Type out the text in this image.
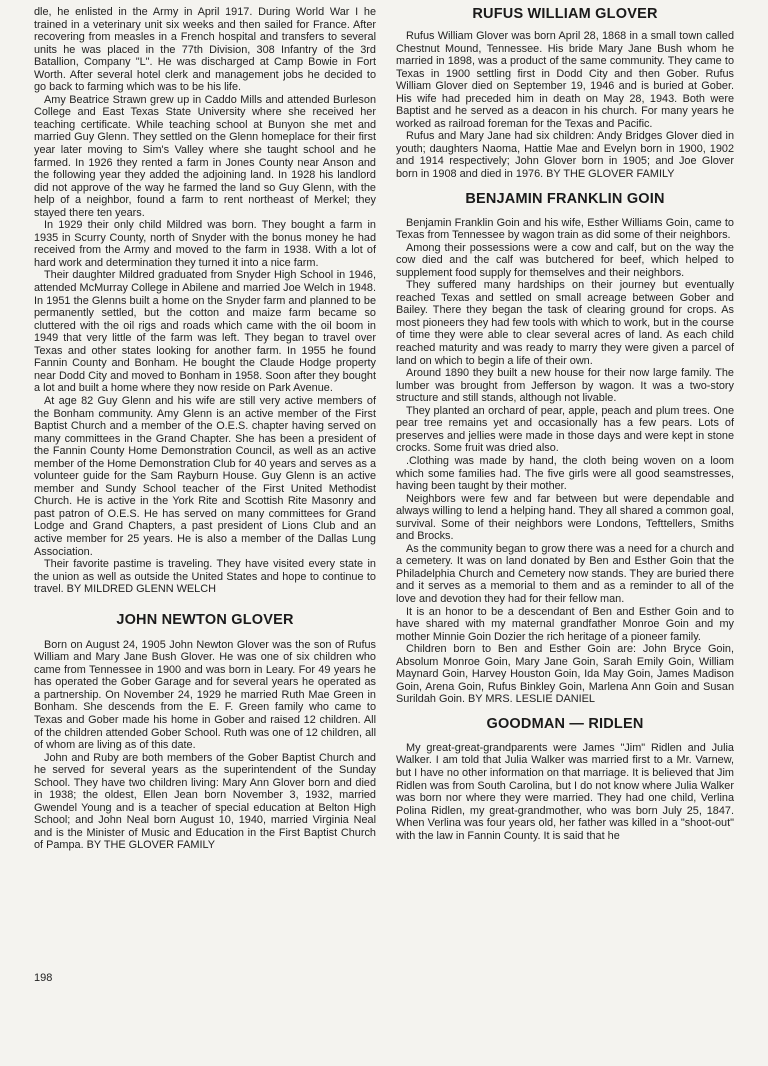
dle, he enlisted in the Army in April 1917. During World War I he trained in a veterinary unit six weeks and then sailed for France. After recovering from measles in a French hospital and transfers to several units he was placed in the 77th Division, 308 Infantry of the 3rd Batallion, Company "L". He was discharged at Camp Bowie in Fort Worth. After several hotel clerk and management jobs he decided to go back to farming which was to be his life.

Amy Beatrice Strawn grew up in Caddo Mills and attended Burleson College and East Texas State University where she received her teaching certificate. While teaching school at Bunyon she met and married Guy Glenn. They settled on the Glenn homeplace for their first year later moving to Sim's Valley where she taught school and he farmed. In 1926 they rented a farm in Jones County near Anson and the following year they added the adjoining land. In 1928 his landlord did not approve of the way he farmed the land so Guy Glenn, with the help of a neighbor, found a farm to rent northeast of Merkel; they stayed there ten years.

In 1929 their only child Mildred was born. They bought a farm in 1935 in Scurry County, north of Snyder with the bonus money he had received from the Army and moved to the farm in 1938. With a lot of hard work and determination they turned it into a nice farm.

Their daughter Mildred graduated from Snyder High School in 1946, attended McMurray College in Abilene and married Joe Welch in 1948. In 1951 the Glenns built a home on the Snyder farm and planned to be permanently settled, but the cotton and maize farm became so cluttered with the oil rigs and roads which came with the oil boom in 1949 that very little of the farm was left. They began to travel over Texas and other states looking for another farm. In 1955 he found Fannin County and Bonham. He bought the Claude Hodge property near Dodd City and moved to Bonham in 1958. Soon after they bought a lot and built a home where they now reside on Park Avenue.

At age 82 Guy Glenn and his wife are still very active members of the Bonham community. Amy Glenn is an active member of the First Baptist Church and a member of the O.E.S. chapter having served on many committees in the Grand Chapter. She has been a president of the Fannin County Home Demonstration Council, as well as an active member of the Home Demonstration Club for 40 years and serves as a volunteer guide for the Sam Rayburn House. Guy Glenn is an active member and Sundy School teacher of the First United Methodist Church. He is active in the York Rite and Scottish Rite Masonry and past patron of O.E.S. He has served on many committees for Grand Lodge and Grand Chapters, a past president of Lions Club and an active member for 25 years. He is also a member of the Dallas Lung Association.

Their favorite pastime is traveling. They have visited every state in the union as well as outside the United States and hope to continue to travel. BY MILDRED GLENN WELCH

JOHN NEWTON GLOVER

Born on August 24, 1905 John Newton Glover was the son of Rufus William and Mary Jane Bush Glover. He was one of six children who came from Tennessee in 1900 and was born in Leary. For 49 years he has operated the Gober Garage and for several years he operated as a partnership. On November 24, 1929 he married Ruth Mae Green in Bonham. She descends from the E. F. Green family who came to Texas and Gober made his home in Gober and raised 12 children. All of the children attended Gober School. Ruth was one of 12 children, all of whom are living as of this date.

John and Ruby are both members of the Gober Baptist Church and he served for several years as the superintendent of the Sunday School. They have two children living: Mary Ann Glover born and died in 1938; the oldest, Ellen Jean born November 3, 1932, married Gwendel Young and is a teacher of special education at Belton High School; and John Neal born August 10, 1940, married Virginia Neal and is the Minister of Music and Education in the First Baptist Church of Pampa. BY THE GLOVER FAMILY

RUFUS WILLIAM GLOVER

Rufus William Glover was born April 28, 1868 in a small town called Chestnut Mound, Tennessee. His bride Mary Jane Bush whom he married in 1898, was a product of the same community. They came to Texas in 1900 settling first in Dodd City and then Gober. Rufus William Glover died on September 19, 1946 and is buried at Gober. His wife had preceded him in death on May 28, 1943. Both were Baptist and he served as a deacon in his church. For many years he worked as railroad foreman for the Texas and Pacific.

Rufus and Mary Jane had six children: Andy Bridges Glover died in youth; daughters Naoma, Hattie Mae and Evelyn born in 1900, 1902 and 1914 respectively; John Glover born in 1905; and Joe Glover born in 1908 and died in 1976. BY THE GLOVER FAMILY

BENJAMIN FRANKLIN GOIN

Benjamin Franklin Goin and his wife, Esther Williams Goin, came to Texas from Tennessee by wagon train as did some of their neighbors.

Among their possessions were a cow and calf, but on the way the cow died and the calf was butchered for beef, which helped to supplement food supply for themselves and their neighbors.

They suffered many hardships on their journey but eventually reached Texas and settled on small acreage between Gober and Bailey. There they began the task of clearing ground for crops. As most pioneers they had few tools with which to work, but in the course of time they were able to clear several acres of land. As each child reached maturity and was ready to marry they were given a parcel of land on which to begin a life of their own.

Around 1890 they built a new house for their now large family. The lumber was brought from Jefferson by wagon. It was a two-story structure and still stands, although not livable.

They planted an orchard of pear, apple, peach and plum trees. One pear tree remains yet and occasionally has a few pears. Lots of preserves and jellies were made in those days and were kept in stone crocks. Some fruit was dried also.

.Clothing was made by hand, the cloth being woven on a loom which some families had. The five girls were all good seamstresses, having been taught by their mother.

Neighbors were few and far between but were dependable and always willing to lend a helping hand. They all shared a common goal, survival. Some of their neighbors were Londons, Tefttellers, Smiths and Brocks.

As the community began to grow there was a need for a church and a cemetery. It was on land donated by Ben and Esther Goin that the Philadelphia Church and Cemetery now stands. They are buried there and it serves as a memorial to them and as a reminder to all of the love and devotion they had for their fellow man.

It is an honor to be a descendant of Ben and Esther Goin and to have shared with my maternal grandfather Monroe Goin and my mother Minnie Goin Dozier the rich heritage of a pioneer family.

Children born to Ben and Esther Goin are: John Bryce Goin, Absolum Monroe Goin, Mary Jane Goin, Sarah Emily Goin, William Maynard Goin, Harvey Houston Goin, Ida May Goin, James Madison Goin, Arena Goin, Rufus Binkley Goin, Marlena Ann Goin and Susan Surildah Goin. BY MRS. LESLIE DANIEL

GOODMAN — RIDLEN

My great-great-grandparents were James "Jim" Ridlen and Julia Walker. I am told that Julia Walker was married first to a Mr. Varnew, but I have no other information on that marriage. It is believed that Jim Ridlen was from South Carolina, but I do not know where Julia Walker was born nor where they were married. They had one child, Verlina Polina Ridlen, my great-grandmother, who was born July 25, 1847. When Verlina was four years old, her father was killed in a "shoot-out" with the law in Fannin County. It is said that he

198
